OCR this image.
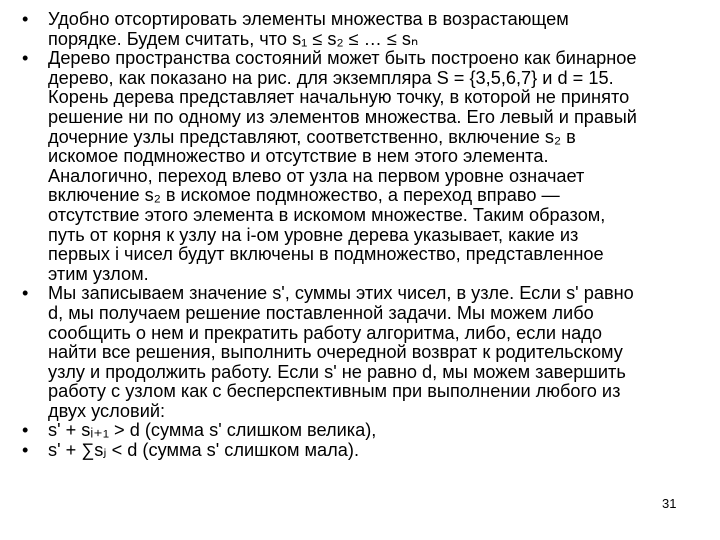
• Удобно отсортировать элементы множества в возрастающем
порядке. Будем считать, что s₁ ≤ s₂ ≤ … ≤ sₙ
• Дерево пространства состояний может быть построено как бинарное
дерево, как показано на рис. для экземпляра S = {3,5,6,7} и d = 15.
Корень дерева представляет начальную точку, в которой не принято
решение ни по одному из элементов множества. Его левый и правый
дочерние узлы представляют, соответственно, включение s₂ в
искомое подмножество и отсутствие в нем этого элемента.
Аналогично, переход влево от узла на первом уровне означает
включение s₂ в искомое подмножество, а переход вправо —
отсутствие этого элемента в искомом множестве. Таким образом,
путь от корня к узлу на i-ом уровне дерева указывает, какие из
первых i чисел будут включены в подмножество, представленное
этим узлом.
• Мы записываем значение s', суммы этих чисел, в узле. Если s' равно
d, мы получаем решение поставленной задачи. Мы можем либо
сообщить о нем и прекратить работу алгоритма, либо, если надо
найти все решения, выполнить очередной возврат к родительскому
узлу и продолжить работу. Если s' не равно d, мы можем завершить
работу с узлом как с бесперспективным при выполнении любого из
двух условий:
• s' + sᵢ₊₁ > d (сумма s' слишком велика),
• s' + ∑sⱼ < d (сумма s' слишком мала).
31
